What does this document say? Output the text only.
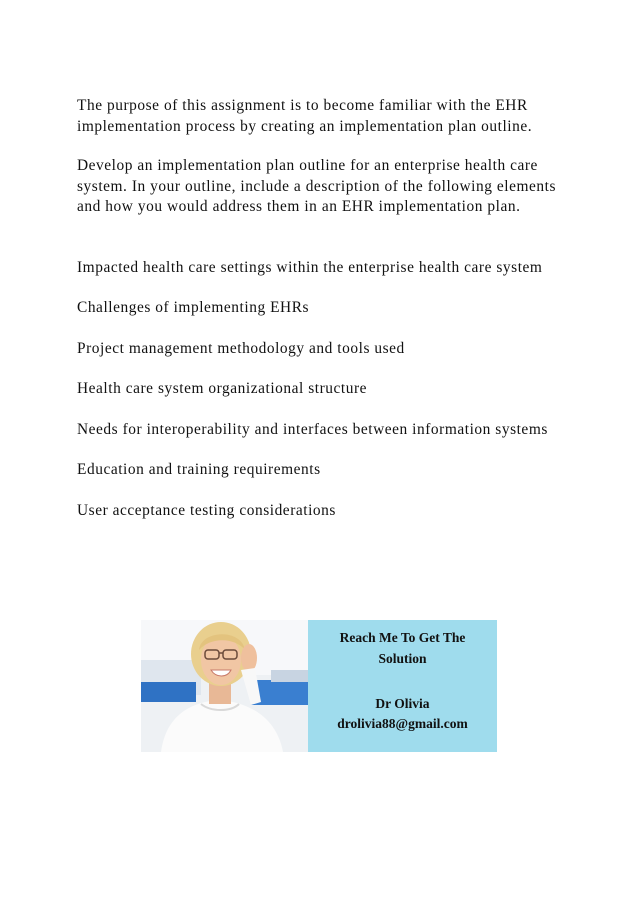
The purpose of this assignment is to become familiar with the EHR implementation process by creating an implementation plan outline.

Develop an implementation plan outline for an enterprise health care system. In your outline, include a description of the following elements and how you would address them in an EHR implementation plan.

Impacted health care settings within the enterprise health care system

Challenges of implementing EHRs

Project management methodology and tools used

Health care system organizational structure

Needs for interoperability and interfaces between information systems

Education and training requirements

User acceptance testing considerations

Reach Me To Get The
Solution
Dr Olivia
drolivia88@gmail.com
